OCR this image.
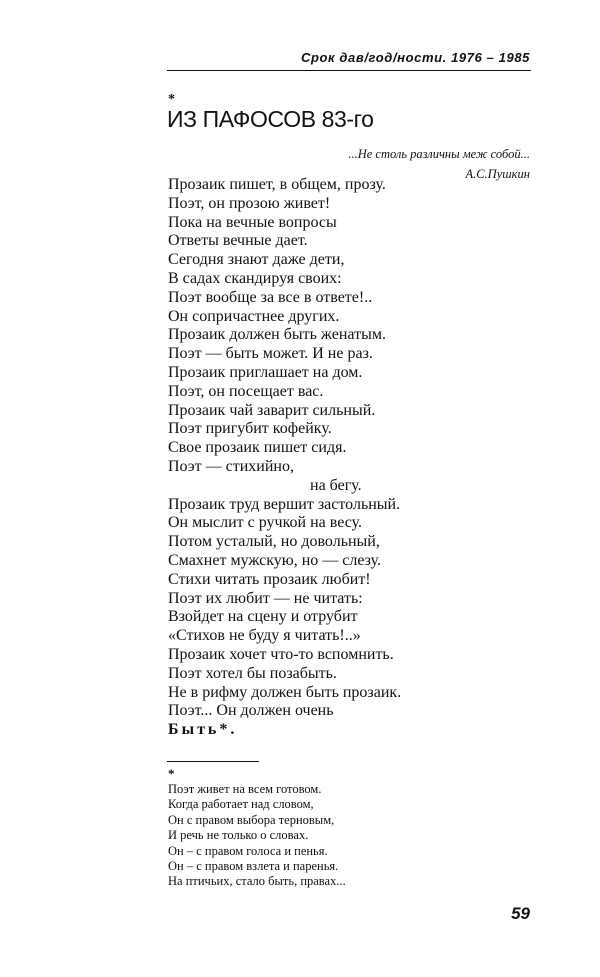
Срок дав/год/ности. 1976 – 1985
*
ИЗ ПАФОСОВ 83-го
...Не столь различны меж собой...
А.С.Пушкин
Прозаик пишет, в общем, прозу.
Поэт, он прозою живет!
Пока на вечные вопросы
Ответы вечные дает.
Сегодня знают даже дети,
В садах скандируя своих:
Поэт вообще за все в ответе!..
Он сопричастнее других.
Прозаик должен быть женатым.
Поэт — быть может. И не раз.
Прозаик приглашает на дом.
Поэт, он посещает вас.
Прозаик чай заварит сильный.
Поэт пригубит кофейку.
Свое прозаик пишет сидя.
Поэт — стихийно,
на бегу.
Прозаик труд вершит застольный.
Он мыслит с ручкой на весу.
Потом усталый, но довольный,
Смахнет мужскую, но — слезу.
Стихи читать прозаик любит!
Поэт их любит — не читать:
Взойдет на сцену и отрубит
«Стихов не буду я читать!..»
Прозаик хочет что-то вспомнить.
Поэт хотел бы позабыть.
Не в рифму должен быть прозаик.
Поэт... Он должен очень
Быть*.
*
Поэт живет на всем готовом.
Когда работает над словом,
Он с правом выбора терновым,
И речь не только о словах.
Он – с правом голоса и пенья.
Он – с правом взлета и паренья.
На птичьих, стало быть, правах...
59
